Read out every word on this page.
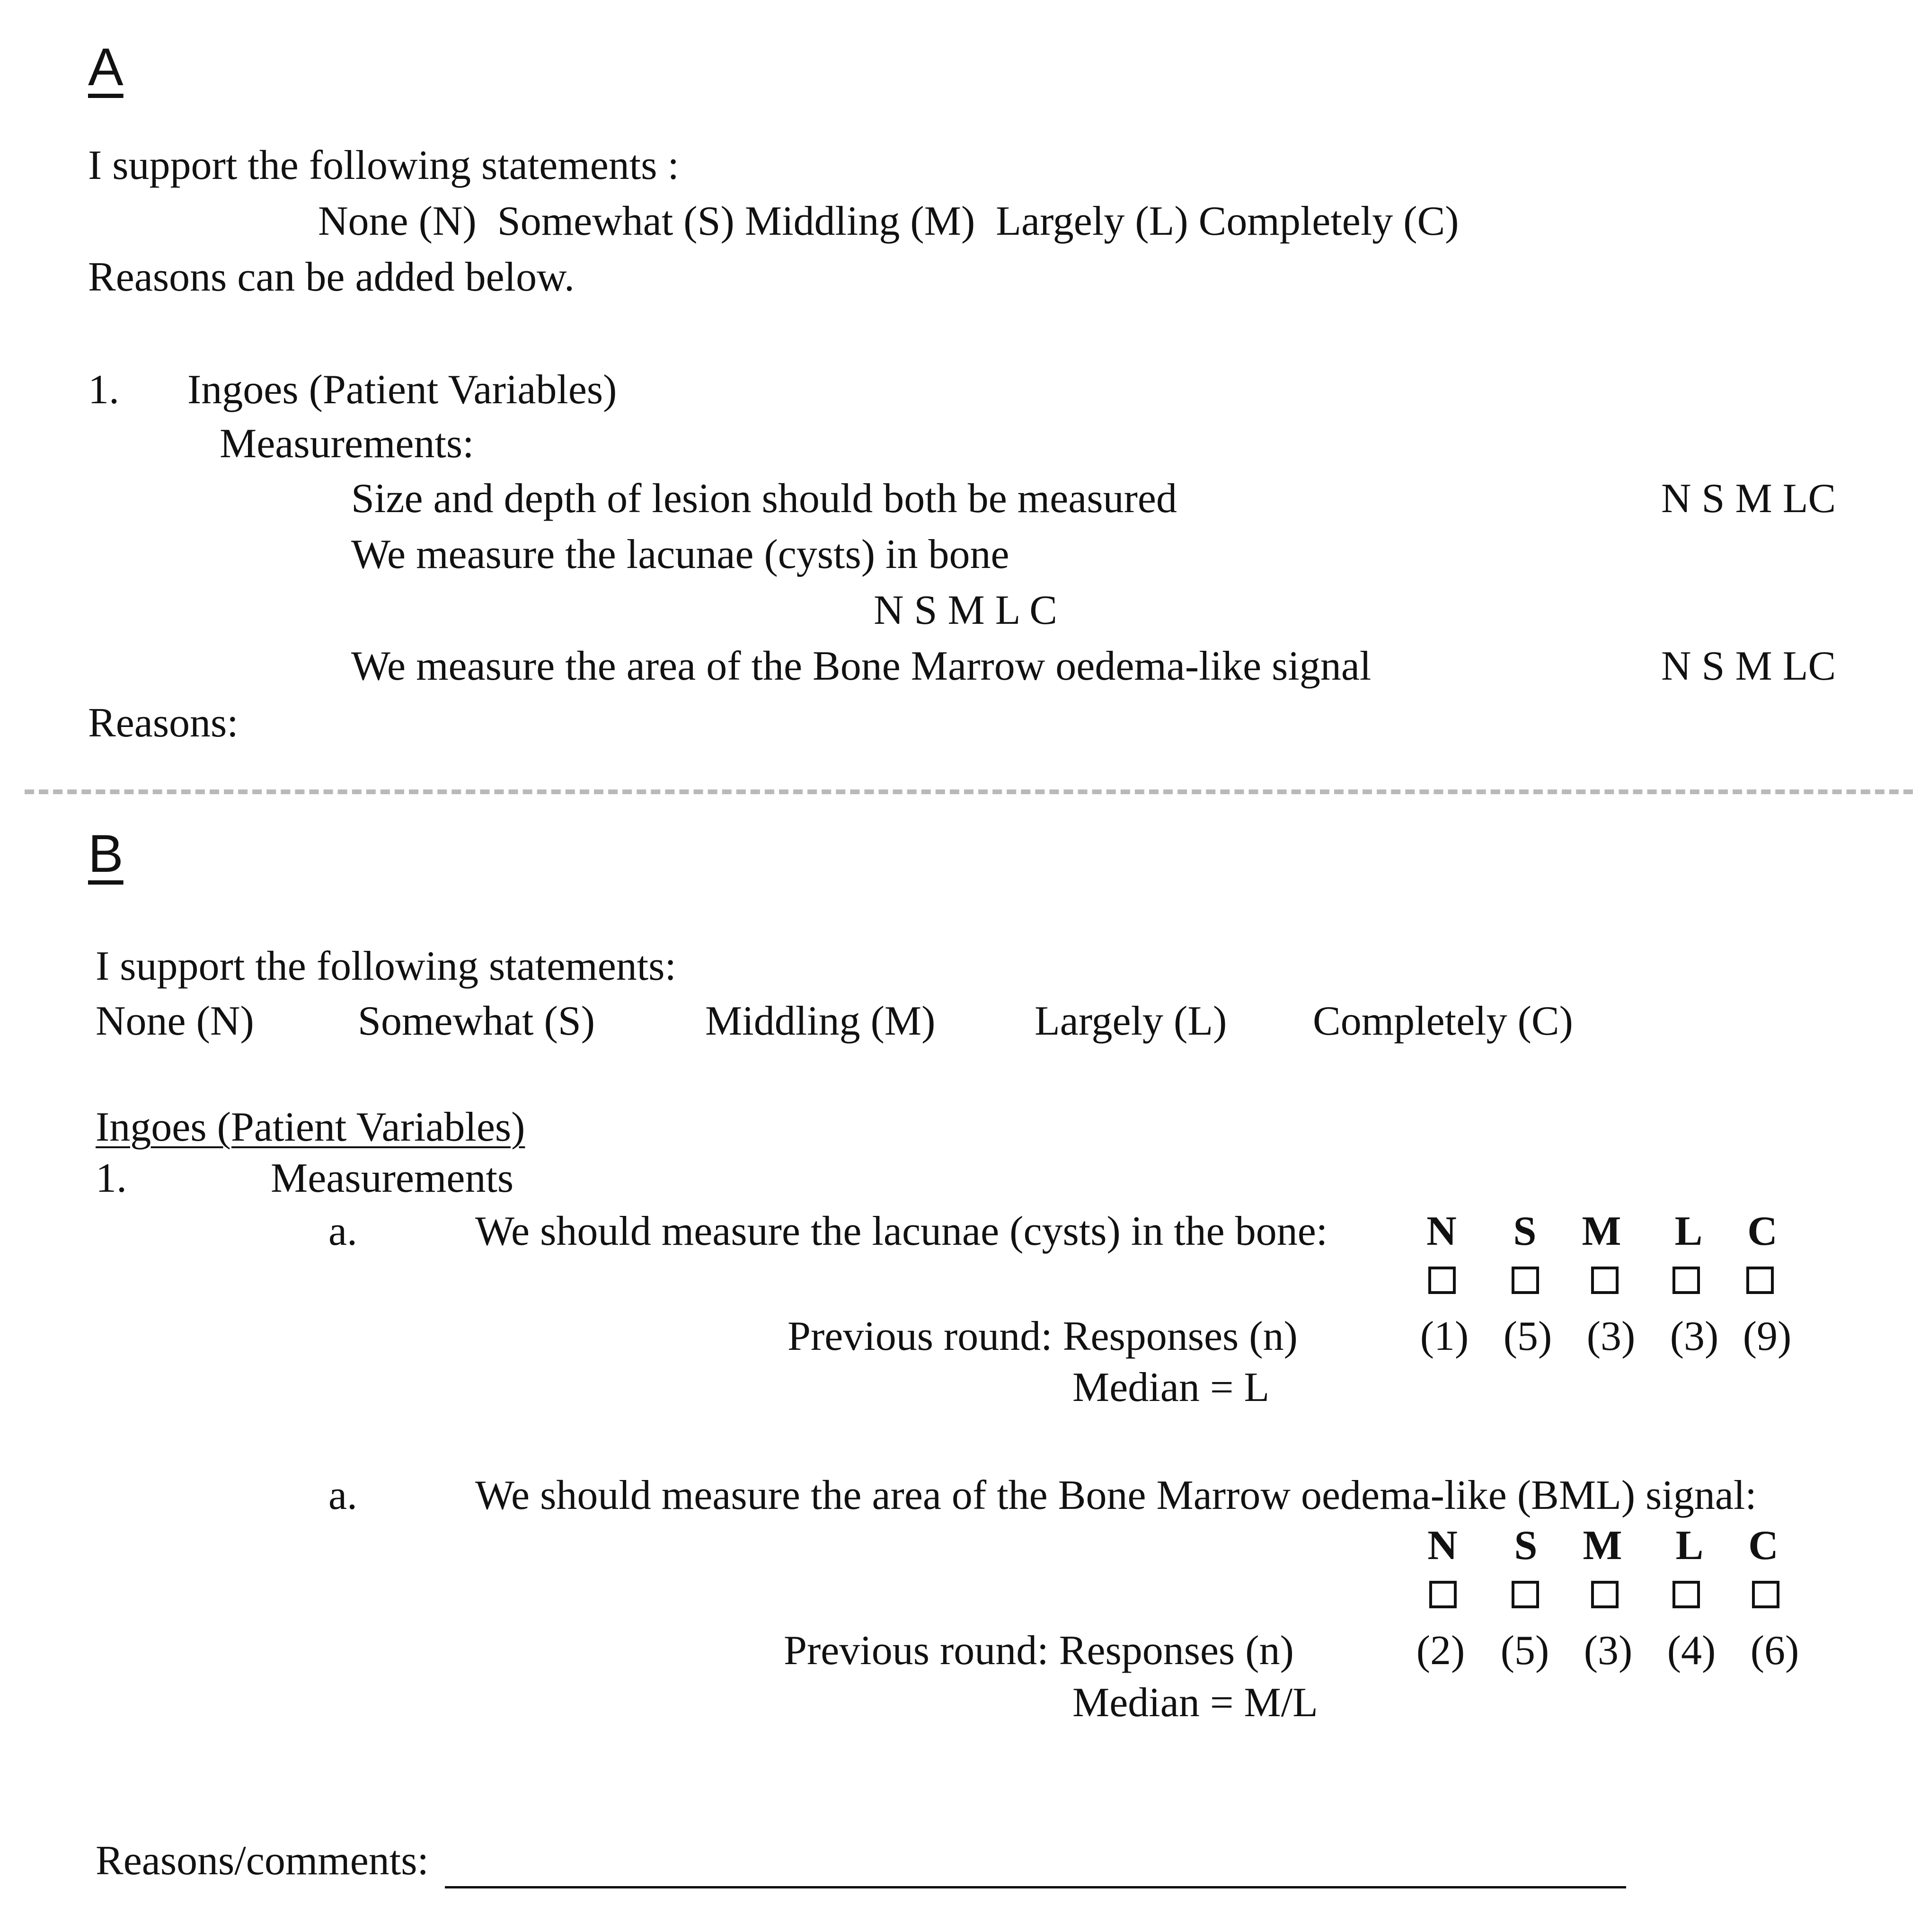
A
I support the following statements :
None (N)  Somewhat (S) Middling (M)  Largely (L) Completely (C)
Reasons can be added below.
1. Ingoes (Patient Variables)
Measurements:
Size and depth of lesion should both be measured	N S M LC
We measure the lacunae (cysts) in bone
N S M L C
We measure the area of the Bone Marrow oedema-like signal	N S M LC
Reasons:
B
I support the following statements:
None (N) Somewhat (S)	Middling (M) Largely (L) Completely (C)
Ingoes (Patient Variables)
1.	Measurements
a.	We should measure the lacunae (cysts) in the bone: N S M L C
Previous round: Responses (n)	(1) (5) (3) (3) (9)
Median = L
a.	We should measure the area of the Bone Marrow oedema-like (BML) signal:
N S M L C
Previous round: Responses (n)	(2) (5) (3) (4) (6)
Median = M/L
Reasons/comments:
